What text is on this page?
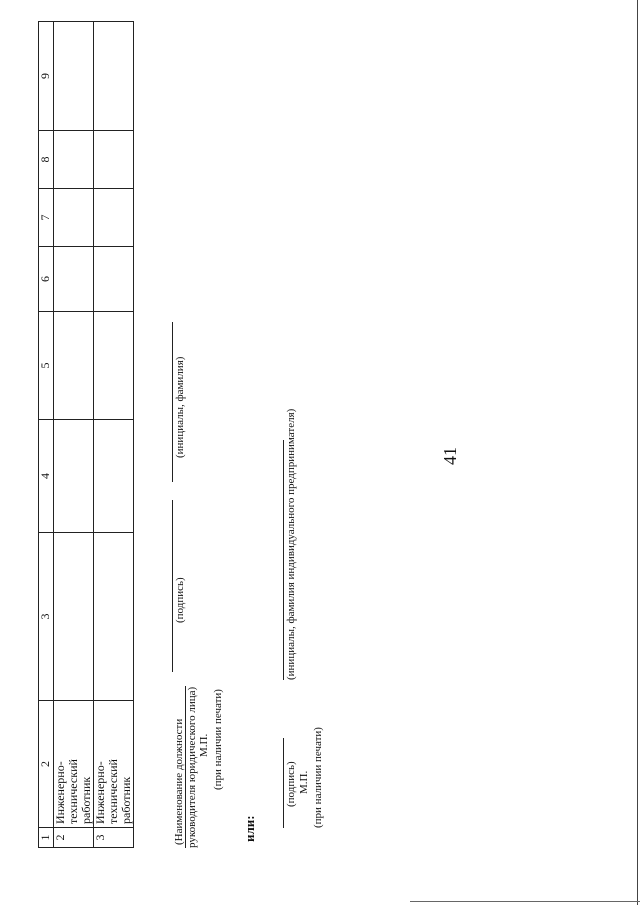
41
1	2	3	4	5	6	7	8	9
2	Инженерно-технический работник							

3	Инженерно-технический работник							
								(Наименование должности руководителя юридического лица) М.П. (при наличии печати)
(подпись)
(инициалы, фамилия)
или:
(подпись) М.П. (при наличии печати)
(инициалы, фамилия индивидуального предпринимателя)
